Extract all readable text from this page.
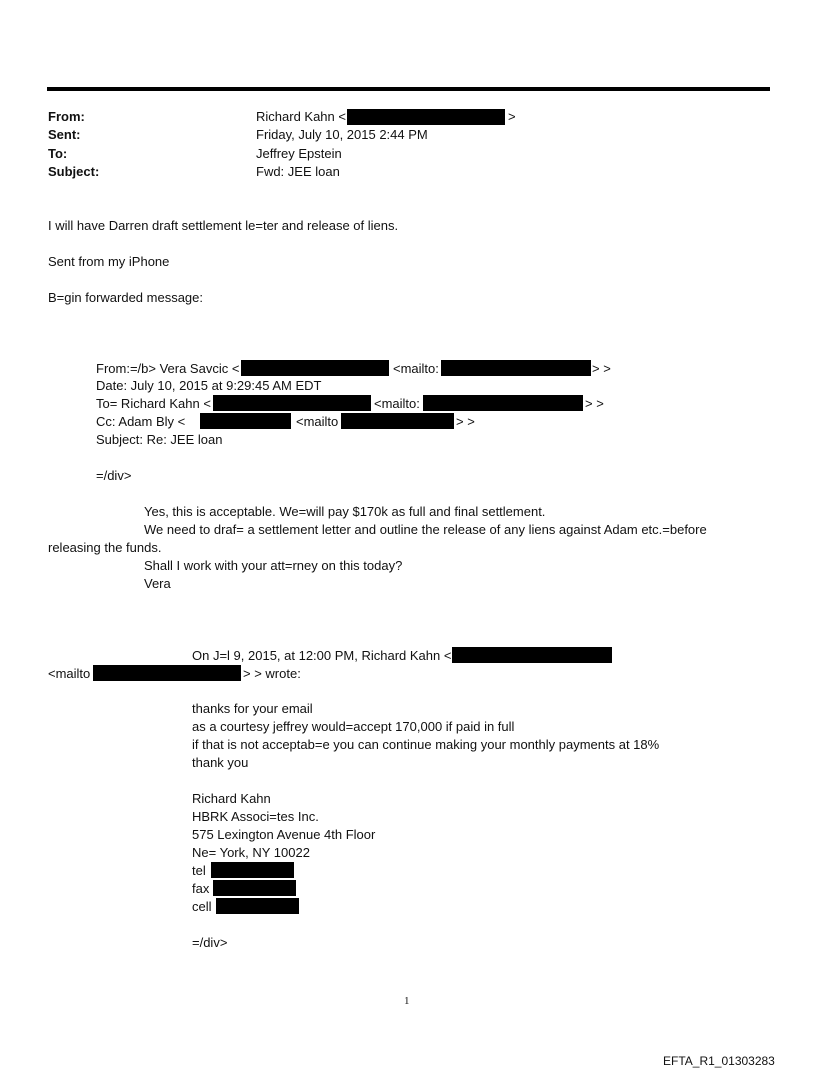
From:	Richard Kahn <	>
Sent:	Friday, July 10, 2015 2:44 PM
To:	Jeffrey Epstein
Subject:	Fwd: JEE loan
I will have Darren draft settlement le=ter and release of liens.
Sent from my iPhone
B=gin forwarded message:
From:=/b> Vera Savcic <	<mailto:	> >
Date: July 10, 2015 at 9:29:45 AM EDT
To= Richard Kahn <	<mailto:	> >
Cc: Adam Bly <	<mailto	> >
Subject: Re: JEE loan
=/div>
Yes, this is acceptable. We=will pay $170k as full and final settlement.
We need to draf= a settlement letter and outline the release of any liens against Adam etc.=before
releasing the funds.
Shall I work with your att=rney on this today?
Vera
On J=l 9, 2015, at 12:00 PM, Richard Kahn <
<mailto	> > wrote:
thanks for your email
as a courtesy jeffrey would=accept 170,000 if paid in full
if that is not acceptab=e you can continue making your monthly payments at 18%
thank you
Richard Kahn
HBRK Associ=tes Inc.
575 Lexington Avenue 4th Floor
Ne= York, NY 10022
tel
fax
cell
=/div>
1
EFTA_R1_01303283
